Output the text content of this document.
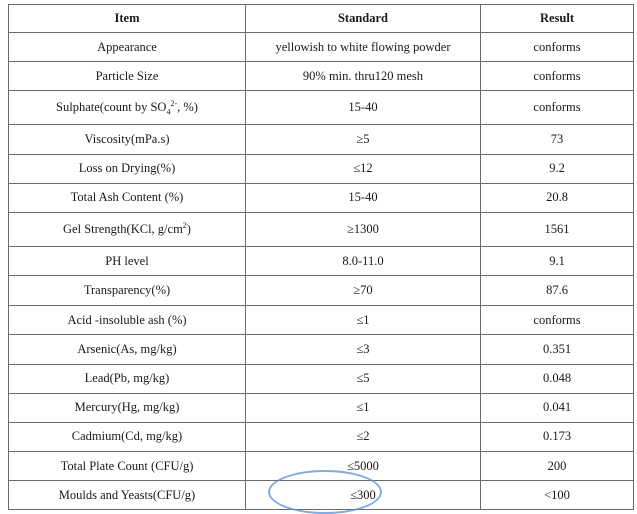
Item	Standard	Result
Appearance	yellowish to white flowing powder	conforms
Particle Size	90% min. thru120 mesh	conforms
Sulphate(count by $SO_4^{2-}$, %)	15-40	conforms
Viscosity(mPa.s)	≥5	73
Loss on Drying(%)	≤12	9.2
Total Ash Content (%)	15-40	20.8
Gel Strength(KCl, $g/cm^2$)	≥1300	1561
PH level	8.0-11.0	9.1
Transparency(%)	≥70	87.6
Acid -insoluble ash (%)	≤1	conforms
Arsenic(As, mg/kg)	≤3	0.351
Lead(Pb, mg/kg)	≤5	0.048
Mercury(Hg, mg/kg)	≤1	0.041
Cadmium(Cd, mg/kg)	≤2	0.173
Total Plate Count (CFU/g)	≤5000	200
Moulds and Yeasts(CFU/g)	≤300	<100
